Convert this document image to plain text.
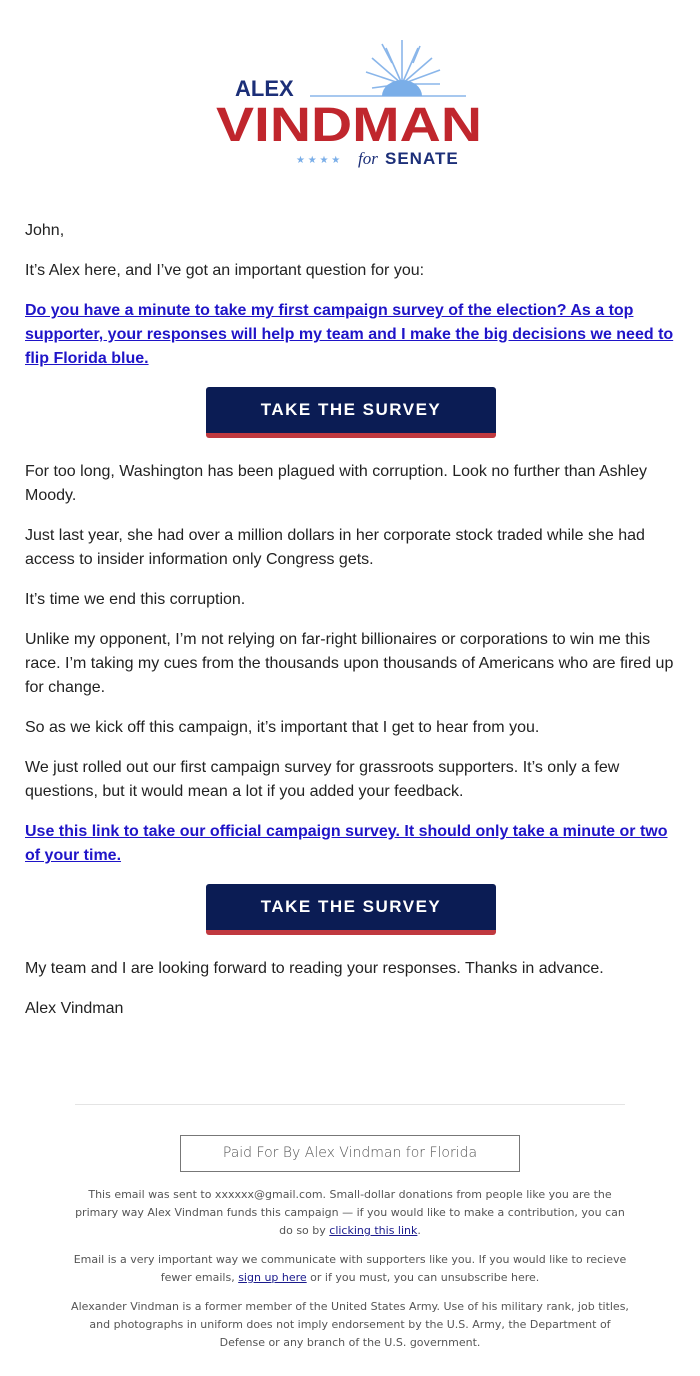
ALEX
VINDMAN
★ ★ ★ ★ for SENATE

John,

It’s Alex here, and I’ve got an important question for you:

Do you have a minute to take my first campaign survey of the election? As a top supporter, your responses will help my team and I make the big decisions we need to flip Florida blue.

TAKE THE SURVEY

For too long, Washington has been plagued with corruption. Look no further than Ashley Moody.

Just last year, she had over a million dollars in her corporate stock traded while she had access to insider information only Congress gets.

It’s time we end this corruption.

Unlike my opponent, I’m not relying on far-right billionaires or corporations to win me this race. I’m taking my cues from the thousands upon thousands of Americans who are fired up for change.

So as we kick off this campaign, it’s important that I get to hear from you.

We just rolled out our first campaign survey for grassroots supporters. It’s only a few questions, but it would mean a lot if you added your feedback.

Use this link to take our official campaign survey. It should only take a minute or two of your time.

TAKE THE SURVEY

My team and I are looking forward to reading your responses. Thanks in advance.

Alex Vindman

Paid For By Alex Vindman for Florida

This email was sent to xxxxxx@gmail.com. Small-dollar donations from people like you are the primary way Alex Vindman funds this campaign — if you would like to make a contribution, you can do so by clicking this link.

Email is a very important way we communicate with supporters like you. If you would like to recieve fewer emails, sign up here or if you must, you can unsubscribe here.

Alexander Vindman is a former member of the United States Army. Use of his military rank, job titles, and photographs in uniform does not imply endorsement by the U.S. Army, the Department of Defense or any branch of the U.S. government.
